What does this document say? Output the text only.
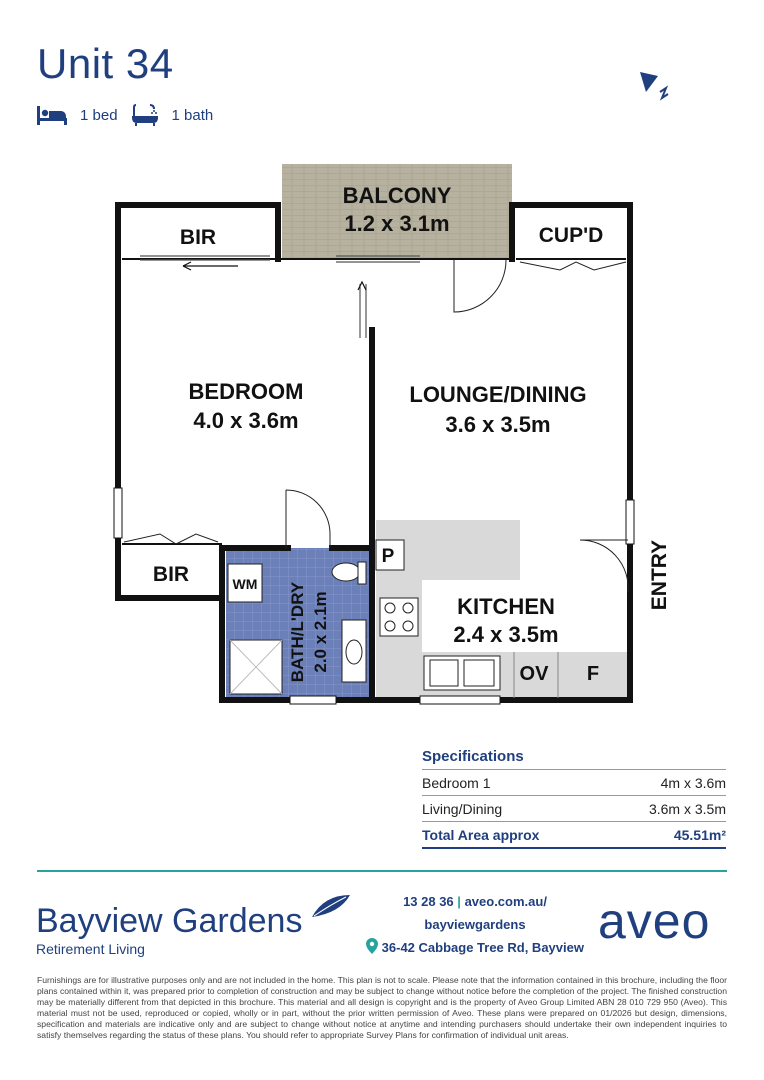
Unit 34
1 bed	1 bath
BALCONY
1.2 x 3.1m
BIR	CUP'D
BEDROOM
4.0 x 3.6m
LOUNGE/DINING
3.6 x 3.5m
KITCHEN
2.4 x 3.5m
BIR
P
WM
OV F
BATH/L'DRY 2.0 x 2.1m
ENTRY
Specifications
Bedroom 1	4m x 3.6m
Living/Dining	3.6m x 3.5m
Total Area approx	45.51m²
Bayview Gardens
Retirement Living
13 28 36 | aveo.com.au/
bayviewgardens
36-42 Cabbage Tree Rd, Bayview aveo
Furnishings are for illustrative purposes only and are not included in the home. This plan is not to scale. Please note that the information contained in this brochure, including the floor plans contained within it, was prepared prior to completion of construction and may be subject to change without notice before the completion of the project. The finished construction may be materially different from that depicted in this brochure. This material and all design is copyright and is the property of Aveo Group Limited ABN 28 010 729 950 (Aveo). This material must not be used, reproduced or copied, wholly or in part, without the prior written permission of Aveo. These plans were prepared on 01/2026 but design, dimensions, specification and materials are indicative only and are subject to change without notice at anytime and intending purchasers should undertake their own independent inquiries to satisfy themselves regarding the status of these plans. You should refer to appropriate Survey Plans for confirmation of individual unit areas.
